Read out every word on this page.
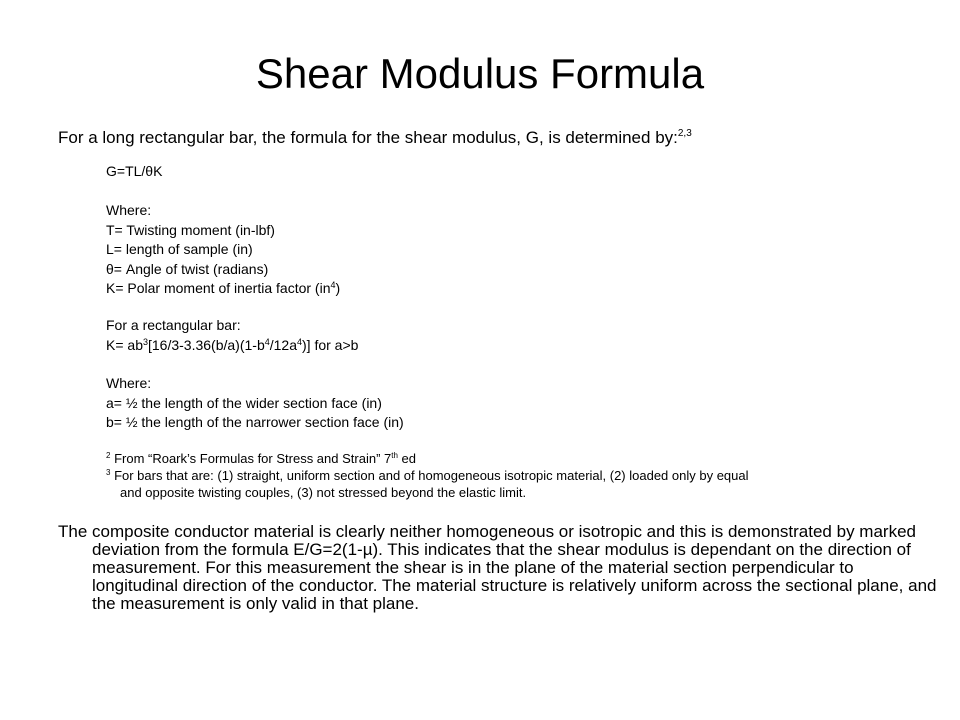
Shear Modulus Formula
For a long rectangular bar, the formula for the shear modulus, G, is determined by:$^{2,3}$
G=TL/θK
Where:
T= Twisting moment (in-lbf)
L= length of sample (in)
θ= Angle of twist (radians)
K= Polar moment of inertia factor $(in^4)$
For a rectangular bar:
$K= ab^3[16/3-3.36(b/a)(1-b^4/12a^4)]$ for a>b
Where:
a= ½ the length of the wider section face (in)
b= ½ the length of the narrower section face (in)
$^2$ From “Roark’s Formulas for Stress and Strain” 7th ed
$^3$ For bars that are: (1) straight, uniform section and of homogeneous isotropic material, (2) loaded only by equal
and opposite twisting couples, (3) not stressed beyond the elastic limit.
The composite conductor material is clearly neither homogeneous or isotropic and this is demonstrated by marked deviation from the formula E/G=2(1-µ). This indicates that the shear modulus is dependant on the direction of measurement. For this measurement the shear is in the plane of the material section perpendicular to longitudinal direction of the conductor. The material structure is relatively uniform across the sectional plane, and the measurement is only valid in that plane.
